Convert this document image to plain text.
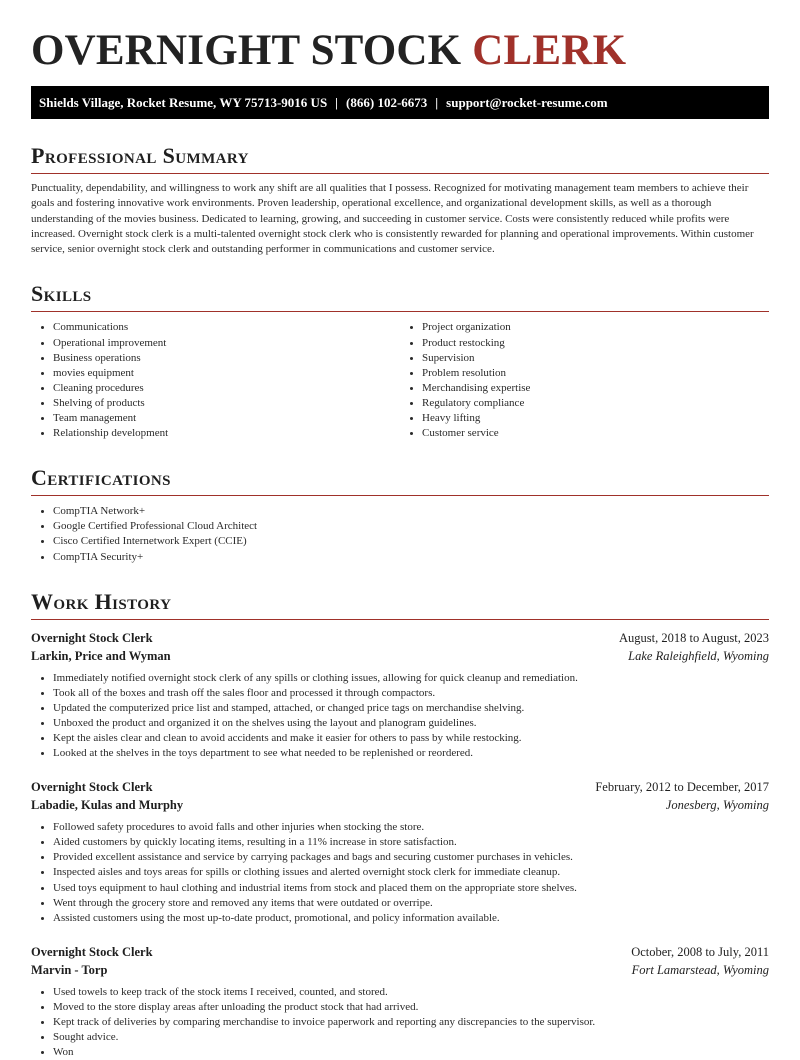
OVERNIGHT STOCK CLERK
Shields Village, Rocket Resume, WY 75713-9016 US | (866) 102-6673 | support@rocket-resume.com
Professional Summary

Punctuality, dependability, and willingness to work any shift are all qualities that I possess. Recognized for motivating management team members to achieve their goals and fostering innovative work environments. Proven leadership, operational excellence, and organizational development skills, as well as a thorough understanding of the movies business. Dedicated to learning, growing, and succeeding in customer service. Costs were consistently reduced while profits were increased. Overnight stock clerk is a multi-talented overnight stock clerk who is consistently rewarded for planning and operational improvements. Within customer service, senior overnight stock clerk and outstanding performer in communications and customer service.

Skills
• Communications
• Operational improvement
• Business operations
• movies equipment
• Cleaning procedures
• Shelving of products
• Team management
• Relationship development
• Project organization
• Product restocking
• Supervision
• Problem resolution
• Merchandising expertise
• Regulatory compliance
• Heavy lifting
• Customer service
Certifications
• CompTIA Network+
• Google Certified Professional Cloud Architect
• Cisco Certified Internetwork Expert (CCIE)
• CompTIA Security+
Work History
Overnight Stock Clerk	August, 2018 to August, 2023
Larkin, Price and Wyman	Lake Raleighfield, Wyoming
• Immediately notified overnight stock clerk of any spills or clothing issues, allowing for quick cleanup and remediation.
• Took all of the boxes and trash off the sales floor and processed it through compactors.
• Updated the computerized price list and stamped, attached, or changed price tags on merchandise shelving.
• Unboxed the product and organized it on the shelves using the layout and planogram guidelines.
• Kept the aisles clear and clean to avoid accidents and make it easier for others to pass by while restocking.
• Looked at the shelves in the toys department to see what needed to be replenished or reordered.
Overnight Stock Clerk	February, 2012 to December, 2017
Labadie, Kulas and Murphy	Jonesberg, Wyoming
• Followed safety procedures to avoid falls and other injuries when stocking the store.
• Aided customers by quickly locating items, resulting in a 11% increase in store satisfaction.
• Provided excellent assistance and service by carrying packages and bags and securing customer purchases in vehicles.
• Inspected aisles and toys areas for spills or clothing issues and alerted overnight stock clerk for immediate cleanup.
• Used toys equipment to haul clothing and industrial items from stock and placed them on the appropriate store shelves.
• Went through the grocery store and removed any items that were outdated or overripe.
• Assisted customers using the most up-to-date product, promotional, and policy information available.
Overnight Stock Clerk	October, 2008 to July, 2011
Marvin - Torp	Fort Lamarstead, Wyoming
• Used towels to keep track of the stock items I received, counted, and stored.
• Moved to the store display areas after unloading the product stock that had arrived.
• Kept track of deliveries by comparing merchandise to invoice paperwork and reporting any discrepancies to the supervisor.
• Sought advice.
• Won
